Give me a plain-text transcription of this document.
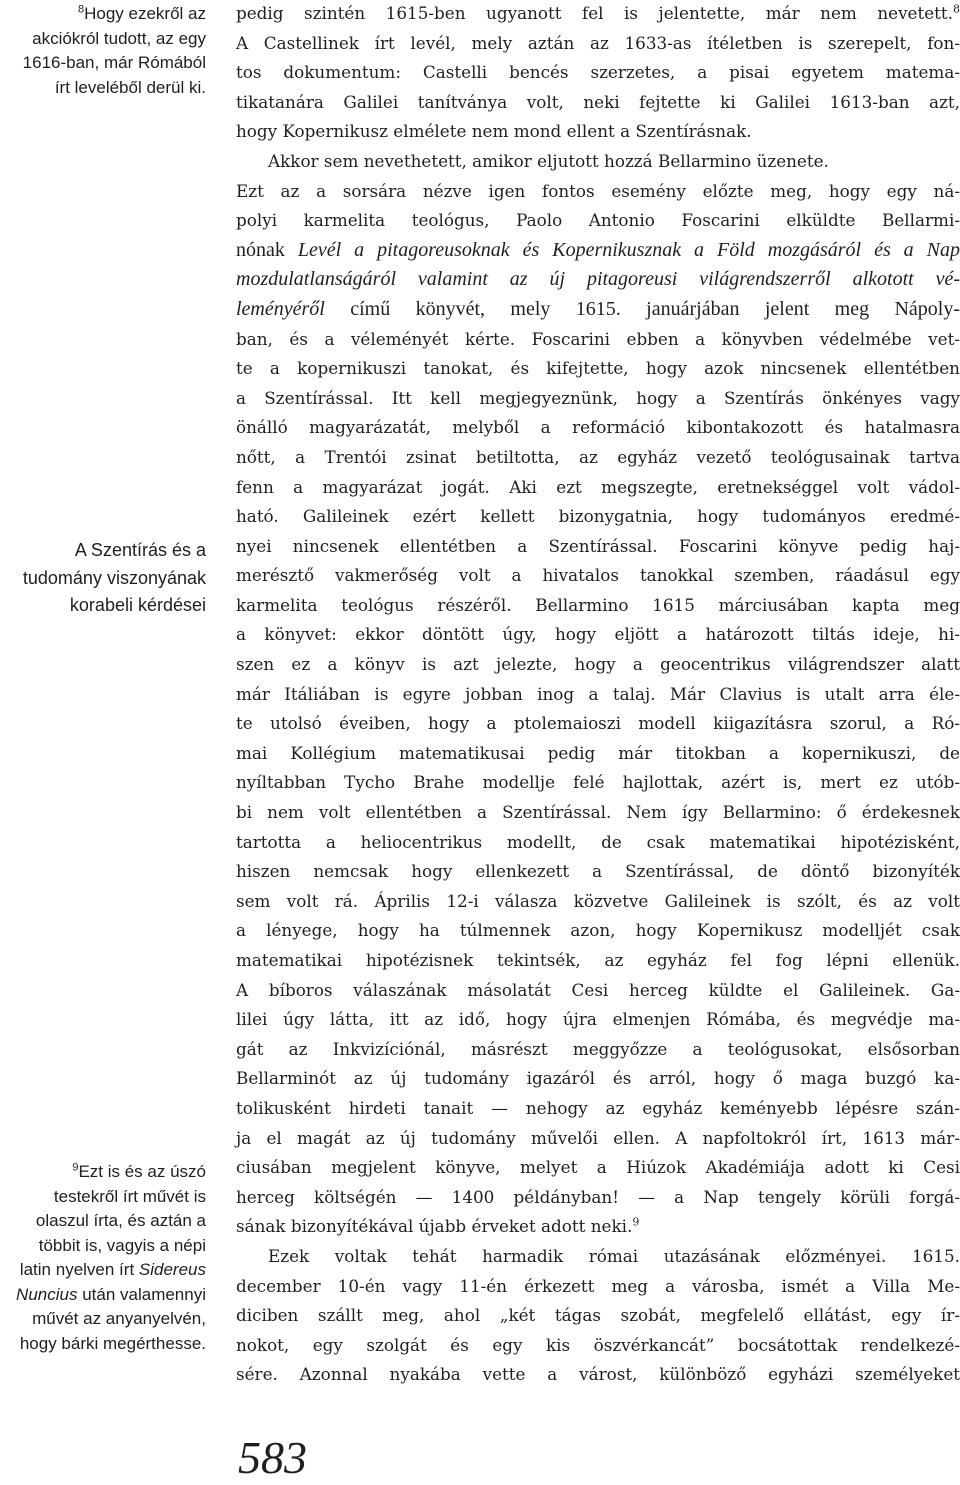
$^8$Hogy ezekről az
akciókról tudott, az egy
1616-ban, már Rómából
írt leveléből derül ki.
A Szentírás és a
tudomány viszonyának
korabeli kérdései
$^9$Ezt is és az úszó
testekről írt művét is
olaszul írta, és aztán a
többit is, vagyis a népi
latin nyelven írt Sidereus
Nuncius után valamennyi
művét az anyanyelvén,
hogy bárki megérthesse.
pedig szintén 1615-ben ugyanott fel is jelentette, már nem nevetett.$^8$
A Castellinek írt levél, mely aztán az 1633-as ítéletben is szerepelt, fon-
tos dokumentum: Castelli bencés szerzetes, a pisai egyetem matema-
tikatanára Galilei tanítványa volt, neki fejtette ki Galilei 1613-ban azt,
hogy Kopernikusz elmélete nem mond ellent a Szentírásnak.
Akkor sem nevethetett, amikor eljutott hozzá Bellarmino üzenete.
Ezt az a sorsára nézve igen fontos esemény előzte meg, hogy egy ná-
polyi karmelita teológus, Paolo Antonio Foscarini elküldte Bellarmi-
nónak Levél a pitagoreusoknak és Kopernikusznak a Föld mozgásáról és a Nap
mozdulatlanságáról valamint az új pitagoreusi világrendszerről alkotott vé-
leményéről című könyvét, mely 1615. januárjában jelent meg Nápoly-
ban, és a véleményét kérte. Foscarini ebben a könyvben védelmébe vet-
te a kopernikuszi tanokat, és kifejtette, hogy azok nincsenek ellentétben
a Szentírással. Itt kell megjegyeznünk, hogy a Szentírás önkényes vagy
önálló magyarázatát, melyből a reformáció kibontakozott és hatalmasra
nőtt, a Trentói zsinat betiltotta, az egyház vezető teológusainak tartva
fenn a magyarázat jogát. Aki ezt megszegte, eretnekséggel volt vádol-
ható. Galileinek ezért kellett bizonygatnia, hogy tudományos eredmé-
nyei nincsenek ellentétben a Szentírással. Foscarini könyve pedig haj-
merésztő vakmerőség volt a hivatalos tanokkal szemben, ráadásul egy
karmelita teológus részéről. Bellarmino 1615 márciusában kapta meg
a könyvet: ekkor döntött úgy, hogy eljött a határozott tiltás ideje, hi-
szen ez a könyv is azt jelezte, hogy a geocentrikus világrendszer alatt
már Itáliában is egyre jobban inog a talaj. Már Clavius is utalt arra éle-
te utolsó éveiben, hogy a ptolemaioszi modell kiigazításra szorul, a Ró-
mai Kollégium matematikusai pedig már titokban a kopernikuszi, de
nyíltabban Tycho Brahe modellje felé hajlottak, azért is, mert ez utób-
bi nem volt ellentétben a Szentírással. Nem így Bellarmino: ő érdekesnek
tartotta a heliocentrikus modellt, de csak matematikai hipotézisként,
hiszen nemcsak hogy ellenkezett a Szentírással, de döntő bizonyíték
sem volt rá. Április 12-i válasza közvetve Galileinek is szólt, és az volt
a lényege, hogy ha túlmennek azon, hogy Kopernikusz modelljét csak
matematikai hipotézisnek tekintsék, az egyház fel fog lépni ellenük.
A bíboros válaszának másolatát Cesi herceg küldte el Galileinek. Ga-
lilei úgy látta, itt az idő, hogy újra elmenjen Rómába, és megvédje ma-
gát az Inkvizíciónál, másrészt meggyőzze a teológusokat, elsősorban
Bellarminót az új tudomány igazáról és arról, hogy ő maga buzgó ka-
tolikusként hirdeti tanait — nehogy az egyház keményebb lépésre szán-
ja el magát az új tudomány művelői ellen. A napfoltokról írt, 1613 már-
ciusában megjelent könyve, melyet a Hiúzok Akadémiája adott ki Cesi
herceg költségén — 1400 példányban! — a Nap tengely körüli forgá-
sának bizonyítékával újabb érveket adott neki.$^9$
Ezek voltak tehát harmadik római utazásának előzményei. 1615.
december 10-én vagy 11-én érkezett meg a városba, ismét a Villa Me-
diciben szállt meg, ahol „két tágas szobát, megfelelő ellátást, egy ír-
nokot, egy szolgát és egy kis öszvérkancát” bocsátottak rendelkezé-
sére. Azonnal nyakába vette a várost, különböző egyházi személyeket
583
